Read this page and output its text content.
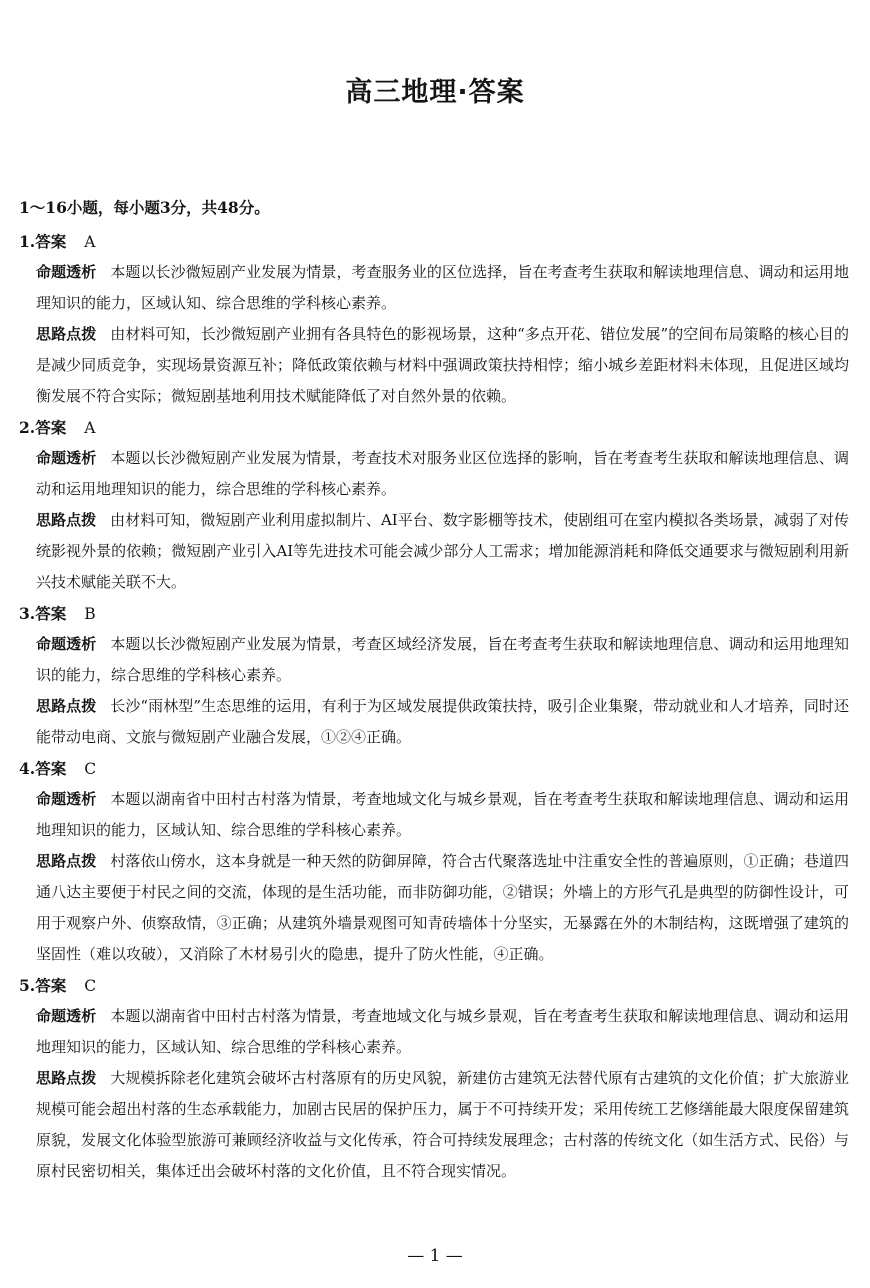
高三地理·答案
1～16小题，每小题3分，共48分。
1.答案 A
命题透析 本题以长沙微短剧产业发展为情景，考查服务业的区位选择，旨在考查考生获取和解读地理信息、调动和运用地理知识的能力，区域认知、综合思维的学科核心素养。
思路点拨 由材料可知，长沙微短剧产业拥有各具特色的影视场景，这种“多点开花、错位发展”的空间布局策略的核心目的是减少同质竞争，实现场景资源互补；降低政策依赖与材料中强调政策扶持相悖；缩小城乡差距材料未体现，且促进区域均衡发展不符合实际；微短剧基地利用技术赋能降低了对自然外景的依赖。
2.答案 A
命题透析 本题以长沙微短剧产业发展为情景，考查技术对服务业区位选择的影响，旨在考查考生获取和解读地理信息、调动和运用地理知识的能力，综合思维的学科核心素养。
思路点拨 由材料可知，微短剧产业利用虚拟制片、AI平台、数字影棚等技术，使剧组可在室内模拟各类场景，减弱了对传统影视外景的依赖；微短剧产业引入AI等先进技术可能会减少部分人工需求；增加能源消耗和降低交通要求与微短剧利用新兴技术赋能关联不大。
3.答案 B
命题透析 本题以长沙微短剧产业发展为情景，考查区域经济发展，旨在考查考生获取和解读地理信息、调动和运用地理知识的能力，综合思维的学科核心素养。
思路点拨 长沙“雨林型”生态思维的运用，有利于为区域发展提供政策扶持，吸引企业集聚，带动就业和人才培养，同时还能带动电商、文旅与微短剧产业融合发展，①②④正确。
4.答案 C
命题透析 本题以湖南省中田村古村落为情景，考查地域文化与城乡景观，旨在考查考生获取和解读地理信息、调动和运用地理知识的能力，区域认知、综合思维的学科核心素养。
思路点拨 村落依山傍水，这本身就是一种天然的防御屏障，符合古代聚落选址中注重安全性的普遍原则，①正确；巷道四通八达主要便于村民之间的交流，体现的是生活功能，而非防御功能，②错误；外墙上的方形气孔是典型的防御性设计，可用于观察户外、侦察敌情，③正确；从建筑外墙景观图可知青砖墙体十分坚实，无暴露在外的木制结构，这既增强了建筑的坚固性（难以攻破），又消除了木材易引火的隐患，提升了防火性能，④正确。
5.答案 C
命题透析 本题以湖南省中田村古村落为情景，考查地域文化与城乡景观，旨在考查考生获取和解读地理信息、调动和运用地理知识的能力，区域认知、综合思维的学科核心素养。
思路点拨 大规模拆除老化建筑会破坏古村落原有的历史风貌，新建仿古建筑无法替代原有古建筑的文化价值；扩大旅游业规模可能会超出村落的生态承载能力，加剧古民居的保护压力，属于不可持续开发；采用传统工艺修缮能最大限度保留建筑原貌，发展文化体验型旅游可兼顾经济收益与文化传承，符合可持续发展理念；古村落的传统文化（如生活方式、民俗）与原村民密切相关，集体迁出会破坏村落的文化价值，且不符合现实情况。
— 1 —
